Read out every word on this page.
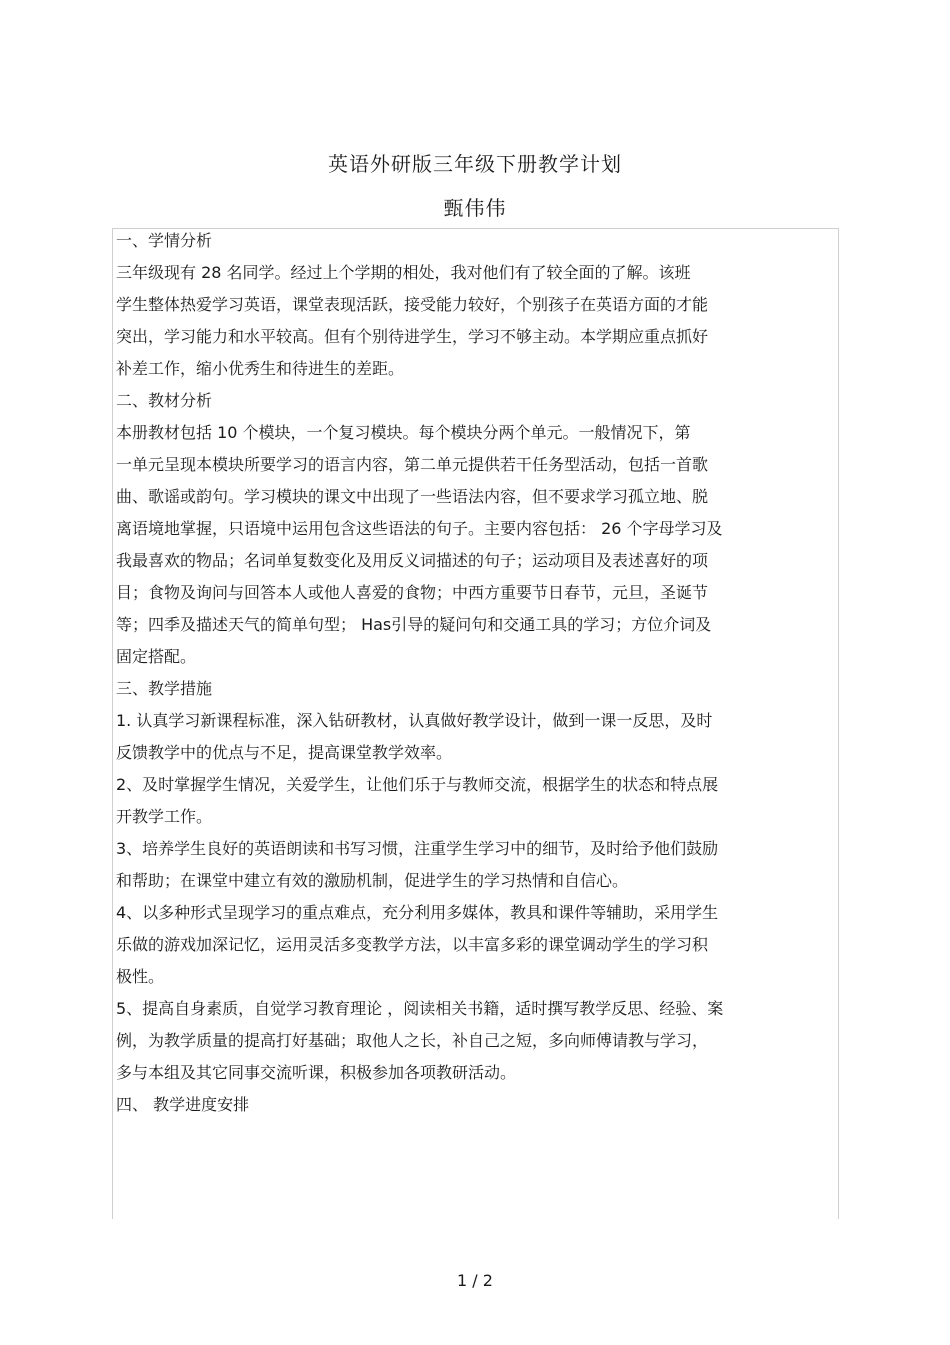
英语外研版三年级下册教学计划
甄伟伟
一、学情分析
三年级现有 28 名同学。经过上个学期的相处，我对他们有了较全面的了解。该班
学生整体热爱学习英语，课堂表现活跃，接受能力较好，个别孩子在英语方面的才能
突出，学习能力和水平较高。但有个别待进学生，学习不够主动。本学期应重点抓好
补差工作，缩小优秀生和待进生的差距。
二、教材分析
本册教材包括 10 个模块，一个复习模块。每个模块分两个单元。一般情况下，第
一单元呈现本模块所要学习的语言内容，第二单元提供若干任务型活动，包括一首歌
曲、歌谣或韵句。学习模块的课文中出现了一些语法内容，但不要求学习孤立地、脱
离语境地掌握，只语境中运用包含这些语法的句子。主要内容包括： 26 个字母学习及
我最喜欢的物品；名词单复数变化及用反义词描述的句子；运动项目及表述喜好的项
目；食物及询问与回答本人或他人喜爱的食物；中西方重要节日春节，元旦，圣诞节
等；四季及描述天气的简单句型； Has引导的疑问句和交通工具的学习；方位介词及
固定搭配。
三、教学措施
1. 认真学习新课程标准，深入钻研教材，认真做好教学设计，做到一课一反思，及时
反馈教学中的优点与不足，提高课堂教学效率。
2、及时掌握学生情况，关爱学生，让他们乐于与教师交流，根据学生的状态和特点展
开教学工作。
3、培养学生良好的英语朗读和书写习惯，注重学生学习中的细节，及时给予他们鼓励
和帮助；在课堂中建立有效的激励机制，促进学生的学习热情和自信心。
4、以多种形式呈现学习的重点难点，充分利用多媒体，教具和课件等辅助，采用学生
乐做的游戏加深记忆，运用灵活多变教学方法，以丰富多彩的课堂调动学生的学习积
极性。
5、提高自身素质，自觉学习教育理论 ，阅读相关书籍，适时撰写教学反思、经验、案
例，为教学质量的提高打好基础；取他人之长，补自己之短，多向师傅请教与学习，
多与本组及其它同事交流听课，积极参加各项教研活动。
四、 教学进度安排
1 / 2
